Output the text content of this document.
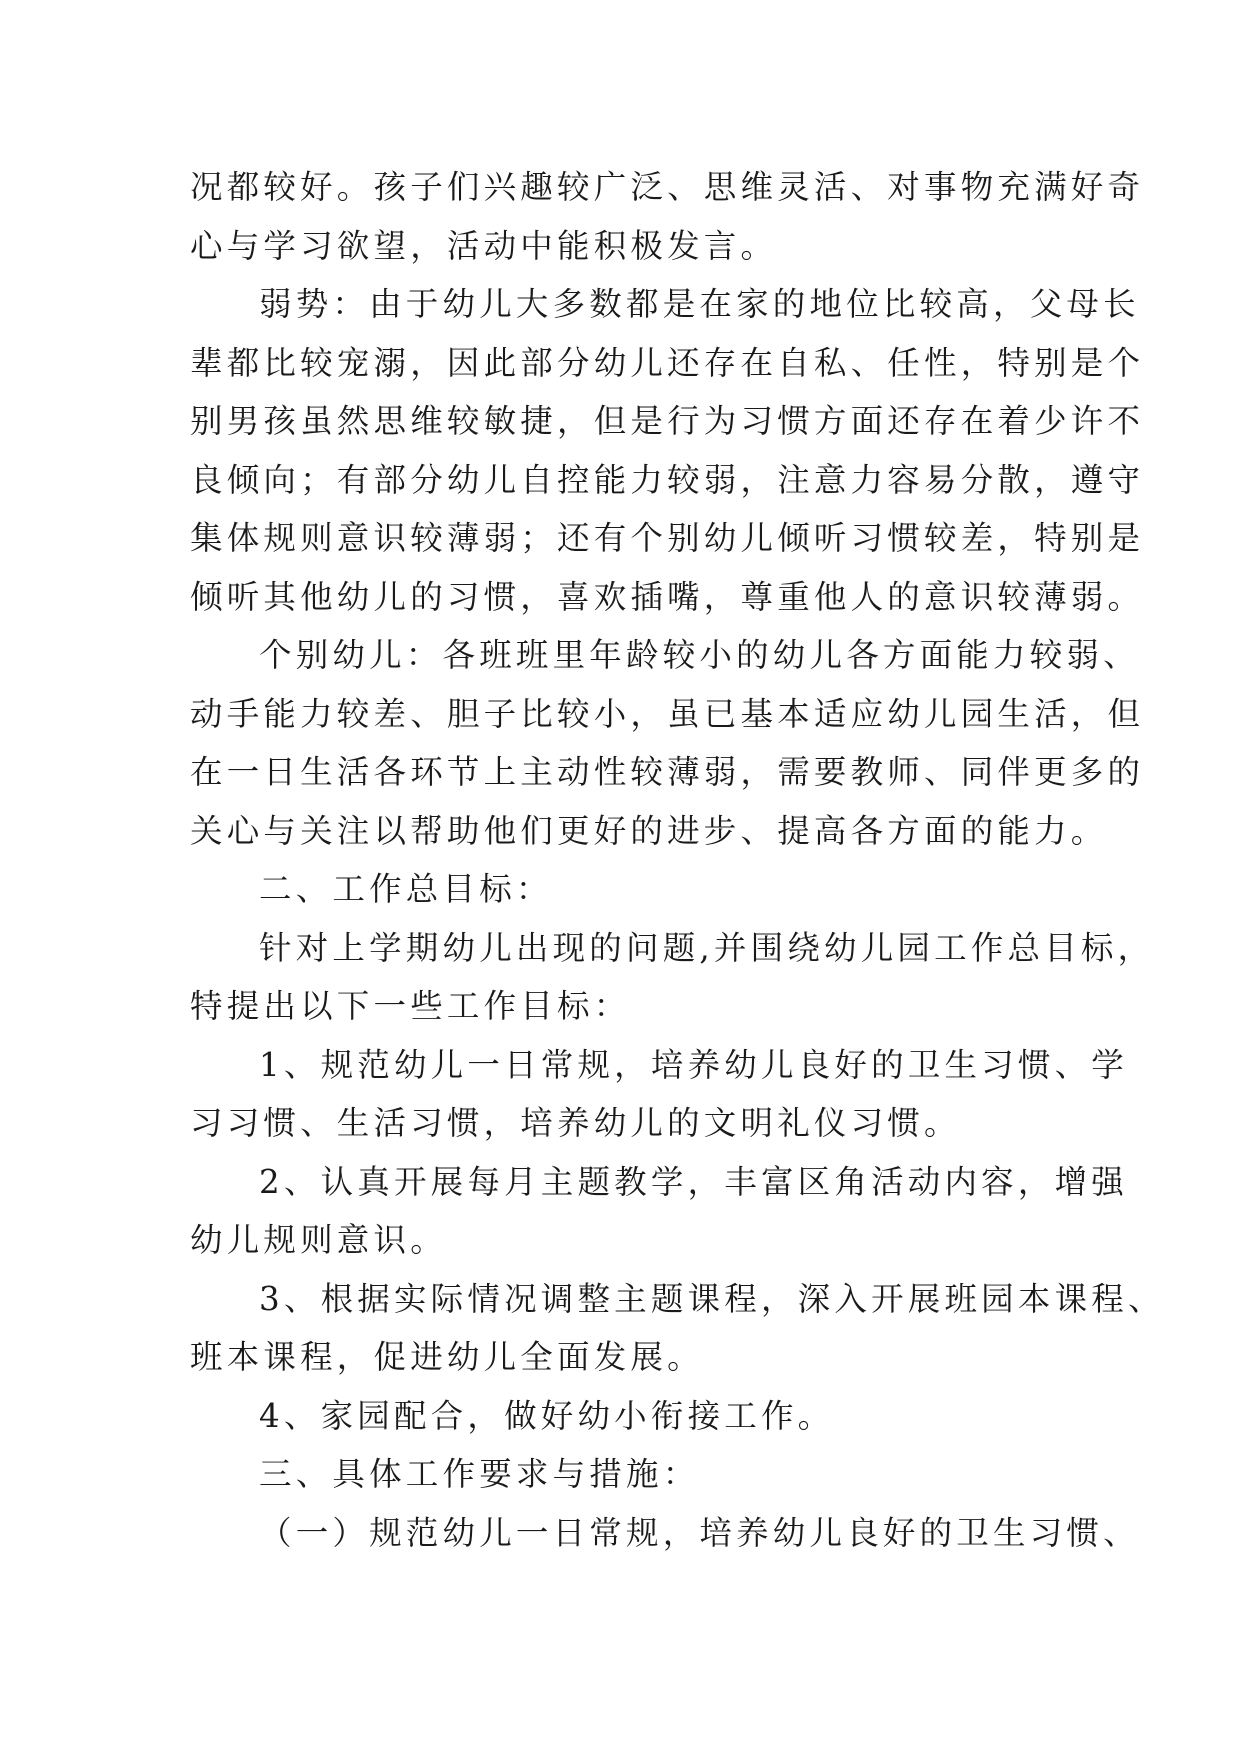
况都较好。孩子们兴趣较广泛、思维灵活、对事物充满好奇
心与学习欲望，活动中能积极发言。
弱势：由于幼儿大多数都是在家的地位比较高，父母长
辈都比较宠溺，因此部分幼儿还存在自私、任性，特别是个
别男孩虽然思维较敏捷，但是行为习惯方面还存在着少许不
良倾向；有部分幼儿自控能力较弱，注意力容易分散，遵守
集体规则意识较薄弱；还有个别幼儿倾听习惯较差，特别是
倾听其他幼儿的习惯，喜欢插嘴，尊重他人的意识较薄弱。
个别幼儿：各班班里年龄较小的幼儿各方面能力较弱、
动手能力较差、胆子比较小，虽已基本适应幼儿园生活，但
在一日生活各环节上主动性较薄弱，需要教师、同伴更多的
关心与关注以帮助他们更好的进步、提高各方面的能力。
二、工作总目标：
针对上学期幼儿出现的问题,并围绕幼儿园工作总目标，
特提出以下一些工作目标：
1、规范幼儿一日常规，培养幼儿良好的卫生习惯、学
习习惯、生活习惯，培养幼儿的文明礼仪习惯。
2、认真开展每月主题教学，丰富区角活动内容，增强
幼儿规则意识。
3、根据实际情况调整主题课程，深入开展班园本课程、
班本课程，促进幼儿全面发展。
4、家园配合，做好幼小衔接工作。
三、具体工作要求与措施：
（一）规范幼儿一日常规，培养幼儿良好的卫生习惯、
